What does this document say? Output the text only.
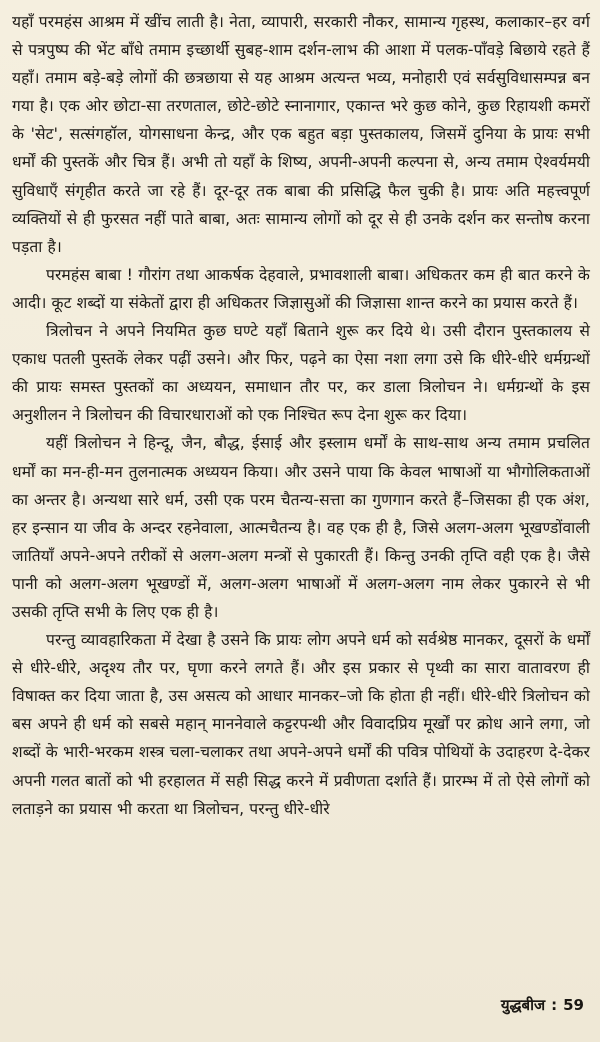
यहाँ परमहंस आश्रम में खींच लाती है। नेता, व्यापारी, सरकारी नौकर, सामान्य गृहस्थ, कलाकार–हर वर्ग से पत्रपुष्प की भेंट बाँधे तमाम इच्छार्थी सुबह-शाम दर्शन-लाभ की आशा में पलक-पाँवड़े बिछाये रहते हैं यहाँ। तमाम बड़े-बड़े लोगों की छत्रछाया से यह आश्रम अत्यन्त भव्य, मनोहारी एवं सर्वसुविधासम्पन्न बन गया है। एक ओर छोटा-सा तरणताल, छोटे-छोटे स्नानागार, एकान्त भरे कुछ कोने, कुछ रिहायशी कमरों के 'सेट', सत्संगहॉल, योगसाधना केन्द्र, और एक बहुत बड़ा पुस्तकालय, जिसमें दुनिया के प्रायः सभी धर्मों की पुस्तकें और चित्र हैं। अभी तो यहाँ के शिष्य, अपनी-अपनी कल्पना से, अन्य तमाम ऐश्वर्यमयी सुविधाएँ संगृहीत करते जा रहे हैं। दूर-दूर तक बाबा की प्रसिद्धि फैल चुकी है। प्रायः अति महत्त्वपूर्ण व्यक्तियों से ही फुरसत नहीं पाते बाबा, अतः सामान्य लोगों को दूर से ही उनके दर्शन कर सन्तोष करना पड़ता है।

परमहंस बाबा ! गौरांग तथा आकर्षक देहवाले, प्रभावशाली बाबा। अधिकतर कम ही बात करने के आदी। कूट शब्दों या संकेतों द्वारा ही अधिकतर जिज्ञासुओं की जिज्ञासा शान्त करने का प्रयास करते हैं।

त्रिलोचन ने अपने नियमित कुछ घण्टे यहाँ बिताने शुरू कर दिये थे। उसी दौरान पुस्तकालय से एकाध पतली पुस्तकें लेकर पढ़ीं उसने। और फिर, पढ़ने का ऐसा नशा लगा उसे कि धीरे-धीरे धर्मग्रन्थों की प्रायः समस्त पुस्तकों का अध्ययन, समाधान तौर पर, कर डाला त्रिलोचन ने। धर्मग्रन्थों के इस अनुशीलन ने त्रिलोचन की विचारधाराओं को एक निश्चित रूप देना शुरू कर दिया।

यहीं त्रिलोचन ने हिन्दू, जैन, बौद्ध, ईसाई और इस्लाम धर्मों के साथ-साथ अन्य तमाम प्रचलित धर्मों का मन-ही-मन तुलनात्मक अध्ययन किया। और उसने पाया कि केवल भाषाओं या भौगोलिकताओं का अन्तर है। अन्यथा सारे धर्म, उसी एक परम चैतन्य-सत्ता का गुणगान करते हैं–जिसका ही एक अंश, हर इन्सान या जीव के अन्दर रहनेवाला, आत्मचैतन्य है। वह एक ही है, जिसे अलग-अलग भूखण्डोंवाली जातियाँ अपने-अपने तरीकों से अलग-अलग मन्त्रों से पुकारती हैं। किन्तु उनकी तृप्ति वही एक है। जैसे पानी को अलग-अलग भूखण्डों में, अलग-अलग भाषाओं में अलग-अलग नाम लेकर पुकारने से भी उसकी तृप्ति सभी के लिए एक ही है।

परन्तु व्यावहारिकता में देखा है उसने कि प्रायः लोग अपने धर्म को सर्वश्रेष्ठ मानकर, दूसरों के धर्मों से धीरे-धीरे, अदृश्य तौर पर, घृणा करने लगते हैं। और इस प्रकार से पृथ्वी का सारा वातावरण ही विषाक्त कर दिया जाता है, उस असत्य को आधार मानकर–जो कि होता ही नहीं। धीरे-धीरे त्रिलोचन को बस अपने ही धर्म को सबसे महान् माननेवाले कट्टरपन्थी और विवादप्रिय मूर्खों पर क्रोध आने लगा, जो शब्दों के भारी-भरकम शस्त्र चला-चलाकर तथा अपने-अपने धर्मों की पवित्र पोथियों के उदाहरण दे-देकर अपनी गलत बातों को भी हरहालत में सही सिद्ध करने में प्रवीणता दर्शाते हैं। प्रारम्भ में तो ऐसे लोगों को लताड़ने का प्रयास भी करता था त्रिलोचन, परन्तु धीरे-धीरे

युद्धबीज : 59
